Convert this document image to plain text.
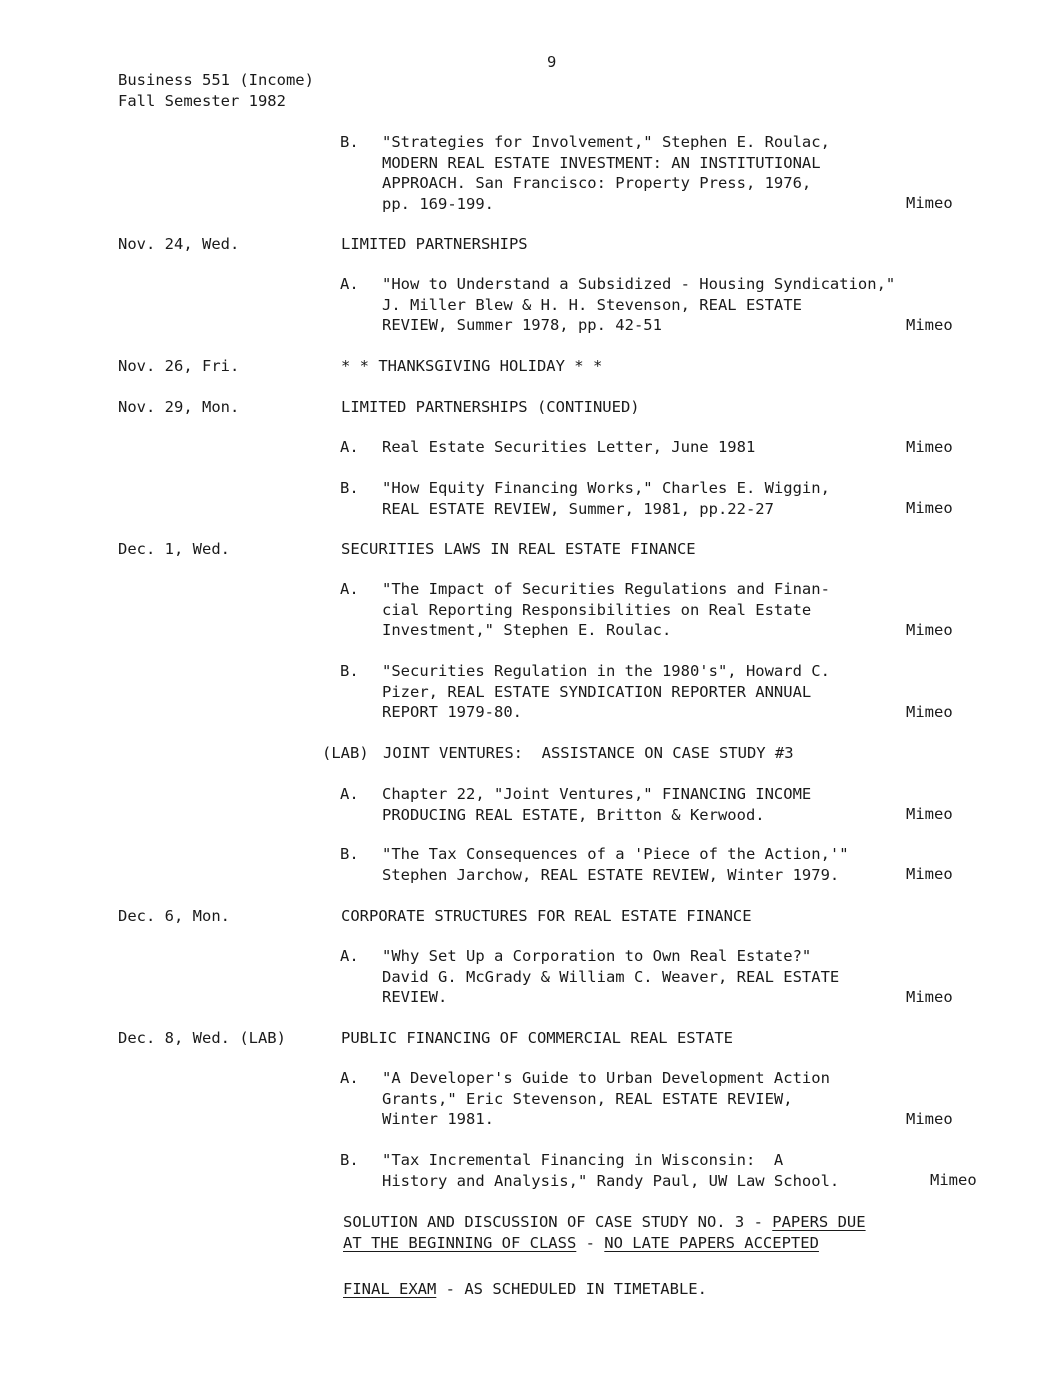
9
Business 551 (Income)
Fall Semester 1982
B. "Strategies for Involvement," Stephen E. Roulac,
MODERN REAL ESTATE INVESTMENT: AN INSTITUTIONAL
APPROACH. San Francisco: Property Press, 1976,
pp. 169-199.	Mimeo
Nov. 24, Wed.	LIMITED PARTNERSHIPS
A. "How to Understand a Subsidized - Housing Syndication,"
J. Miller Blew & H. H. Stevenson, REAL ESTATE
REVIEW, Summer 1978, pp. 42-51	Mimeo
Nov. 26, Fri.	* * THANKSGIVING HOLIDAY * *
Nov. 29, Mon.	LIMITED PARTNERSHIPS (CONTINUED)
A. Real Estate Securities Letter, June 1981	Mimeo
B. "How Equity Financing Works," Charles E. Wiggin,
REAL ESTATE REVIEW, Summer, 1981, pp.22-27	Mimeo
Dec. 1, Wed.	SECURITIES LAWS IN REAL ESTATE FINANCE
A. "The Impact of Securities Regulations and Finan-
cial Reporting Responsibilities on Real Estate
Investment," Stephen E. Roulac.	Mimeo
B. "Securities Regulation in the 1980's", Howard C.
Pizer, REAL ESTATE SYNDICATION REPORTER ANNUAL
REPORT 1979-80.	Mimeo
(LAB) JOINT VENTURES:  ASSISTANCE ON CASE STUDY #3
A. Chapter 22, "Joint Ventures," FINANCING INCOME
PRODUCING REAL ESTATE, Britton & Kerwood.	Mimeo
B. "The Tax Consequences of a 'Piece of the Action,'"
Stephen Jarchow, REAL ESTATE REVIEW, Winter 1979.	Mimeo
Dec. 6, Mon.	CORPORATE STRUCTURES FOR REAL ESTATE FINANCE
A. "Why Set Up a Corporation to Own Real Estate?"
David G. McGrady & William C. Weaver, REAL ESTATE
REVIEW.	Mimeo
Dec. 8, Wed. (LAB)	PUBLIC FINANCING OF COMMERCIAL REAL ESTATE
A. "A Developer's Guide to Urban Development Action
Grants," Eric Stevenson, REAL ESTATE REVIEW,
Winter 1981.	Mimeo
B. "Tax Incremental Financing in Wisconsin:  A
History and Analysis," Randy Paul, UW Law School.	Mimeo
SOLUTION AND DISCUSSION OF CASE STUDY NO. 3 - PAPERS DUE
AT THE BEGINNING OF CLASS - NO LATE PAPERS ACCEPTED
FINAL EXAM - AS SCHEDULED IN TIMETABLE.
